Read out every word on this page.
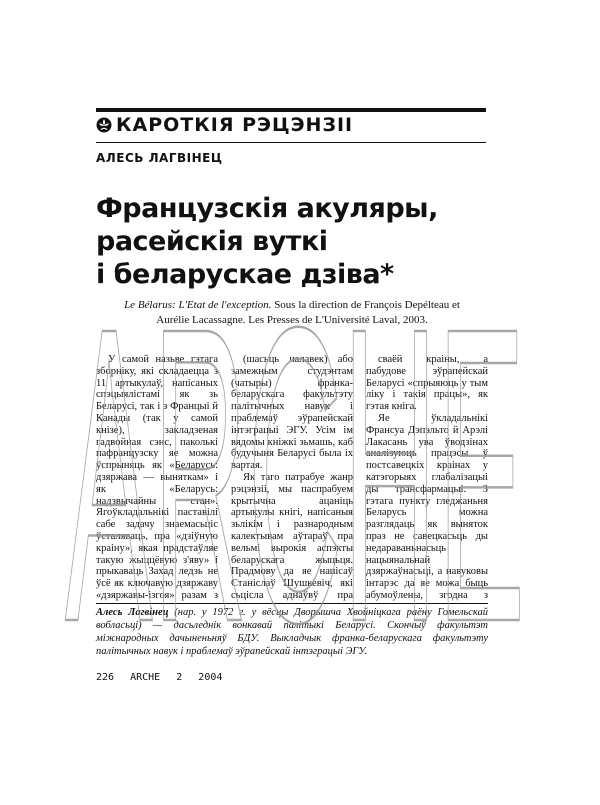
КАРОТКІЯ РЭЦЭНЗІІ
АЛЕСЬ ЛАГВІНЕЦ
Французскія акуляры,
расейскія вуткі
і беларускае дзіва*
Le Bélarus: L'Etat de l'exception. Sous la direction de François Depélteau et
Aurélie Lacassagne. Les Presses de L'Université Laval, 2003.

У самой назьве гэтага зборніку, які складаецца з 11 артыкулаў, напісаных спэцыялістамі як зь Беларусі, так і з Францыі й Канады (так у самой кнізе), закладзеная гадвойная сэнс, паколькі пафранцузску яе можна ўспрыняць як «Беларусь: дзяржава — выняткам» і як «Беларусь: надзвычайны стан». Ягоўкладальнікі паставілі сабе задачу знаемасьціс ўсталяваць, пра «дзіўную краіну», якая прадстаўляе такую жыццёвую з'яву» і прыкаваць Захад ледзь не ўсё як ключавую дзяржаву «дзяржавы-ізгоя» разам з

(шасьць чалавек) або замежным студэнтам (чатыры) франка-беларускага факультэту палітычных навук і праблемаў эўрапейскай інтэграцыі ЭГУ. Усім ім вядомы кніжкі зьмашь, каб будучыня Беларусі была іх вартая.

Як таго патрабуе жанр рэцэнзіі, мы паспрабуем крытычна ацаніць артыкулы кнігі, напісаныя зьлікім і разнародным калектывам аўтараў пра вельмі вырокія аспэкты беларускага жыцьця. Прадмову да яе напісаў Станіслаў Шушкевіч, які сьцісла аднаўвў пра

сваёй краіны, а пабудове эўрапейскай Беларусі «спрыяюць у тым ліку і такія працы», як гэтая кніга.

Яе ўкладальнікі Франсуа Дэпэльто й Арэлі Лакасань ува ўводзінах аналізуюць працэсы ў постсавецкіх краінах у катэгорыях глабалізацыі ды трансфармацыі. З гэтага пункту гледжаньня Беларусь можна разглядаць як выняток праз не савецкасьць ды недараваньнасьць нацыянальнай дзяржаўнасьці, а навуковы інтарэс да яе можа быць абумоўлены, згодна з

Алесь Лагвінец (нар. у 1972 г. у вёсцы Дворышча Хвойніцкага раёну Гомельскай вобласьці) — дасьледнік вонкавай палітыкі Беларусі. Скончыў факультэт міжнародных дачыненьняў БДУ. Выкладчык франка-беларускага факультэту палітычных навук і праблемаў эўрапейскай інтэграцыі ЭГУ.
226 ARCHE 2 2004
ARCHE
